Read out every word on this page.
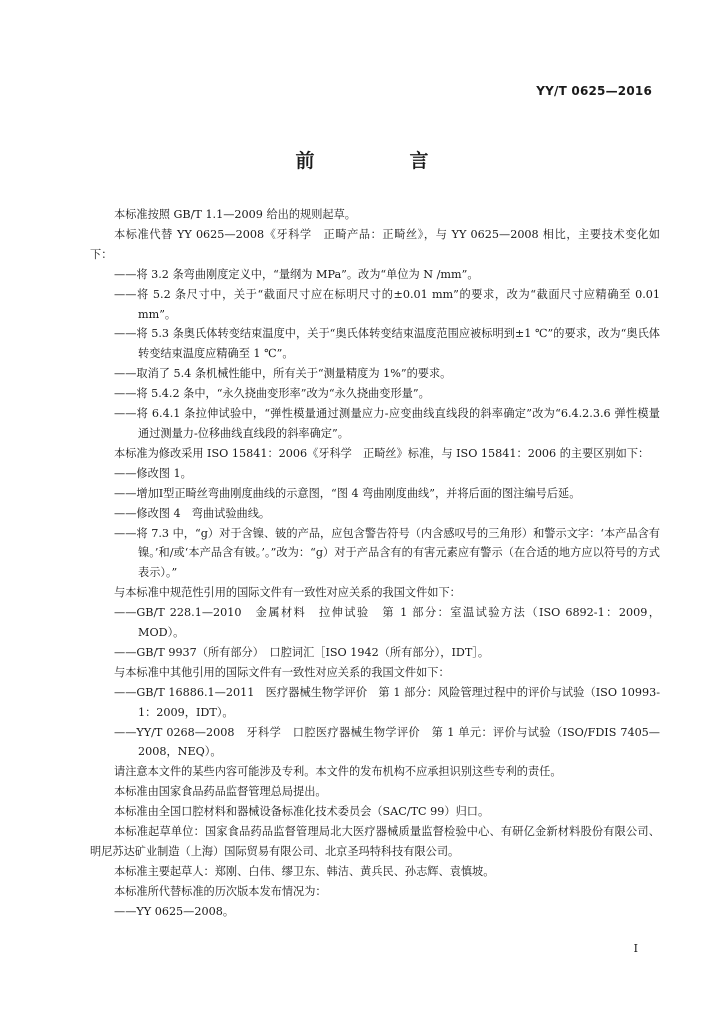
YY/T 0625—2016
前　言

本标准按照 GB/T 1.1—2009 给出的规则起草。

本标准代替 YY 0625—2008《牙科学　正畸产品：正畸丝》，与 YY 0625—2008 相比，主要技术变化如下：

——将 3.2 条弯曲刚度定义中，“量纲为 MPa”。改为“单位为 N /mm”。

——将 5.2 条尺寸中，关于“截面尺寸应在标明尺寸的±0.01 mm”的要求，改为“截面尺寸应精确至 0.01 mm”。

——将 5.3 条奥氏体转变结束温度中，关于“奥氏体转变结束温度范围应被标明到±1 ℃”的要求，改为“奥氏体转变结束温度应精确至 1 ℃”。

——取消了 5.4 条机械性能中，所有关于“测量精度为 1%”的要求。

——将 5.4.2 条中，“永久挠曲变形率”改为“永久挠曲变形量”。

——将 6.4.1 条拉伸试验中，“弹性模量通过测量应力-应变曲线直线段的斜率确定”改为“6.4.2.3.6 弹性模量通过测量力-位移曲线直线段的斜率确定”。

本标准为修改采用 ISO 15841：2006《牙科学　正畸丝》标准，与 ISO 15841：2006 的主要区别如下：

——修改图 1。

——增加Ⅰ型正畸丝弯曲刚度曲线的示意图，“图 4 弯曲刚度曲线”，并将后面的图注编号后延。

——修改图 4　弯曲试验曲线。

——将 7.3 中，“g）对于含镍、铍的产品，应包含警告符号（内含感叹号的三角形）和警示文字：‘本产品含有镍。’和/或‘本产品含有铍。’。”改为：“g）对于产品含有的有害元素应有警示（在合适的地方应以符号的方式表示）。”

与本标准中规范性引用的国际文件有一致性对应关系的我国文件如下：

——GB/T 228.1—2010　金属材料　拉伸试验　第 1 部分：室温试验方法（ISO 6892-1：2009，MOD）。

——GB/T 9937（所有部分）　口腔词汇［ISO 1942（所有部分），IDT］。

与本标准中其他引用的国际文件有一致性对应关系的我国文件如下：

——GB/T 16886.1—2011　医疗器械生物学评价　第 1 部分：风险管理过程中的评价与试验（ISO 10993-1：2009，IDT）。

——YY/T 0268—2008　牙科学　口腔医疗器械生物学评价　第 1 单元：评价与试验（ISO/FDIS 7405—2008，NEQ）。

请注意本文件的某些内容可能涉及专利。本文件的发布机构不应承担识别这些专利的责任。

本标准由国家食品药品监督管理总局提出。

本标准由全国口腔材料和器械设备标准化技术委员会（SAC/TC 99）归口。

本标准起草单位：国家食品药品监督管理局北大医疗器械质量监督检验中心、有研亿金新材料股份有限公司、明尼苏达矿业制造（上海）国际贸易有限公司、北京圣玛特科技有限公司。

本标准主要起草人：郑刚、白伟、缪卫东、韩洁、黄兵民、孙志辉、袁慎坡。

本标准所代替标准的历次版本发布情况为：

——YY 0625—2008。

I
